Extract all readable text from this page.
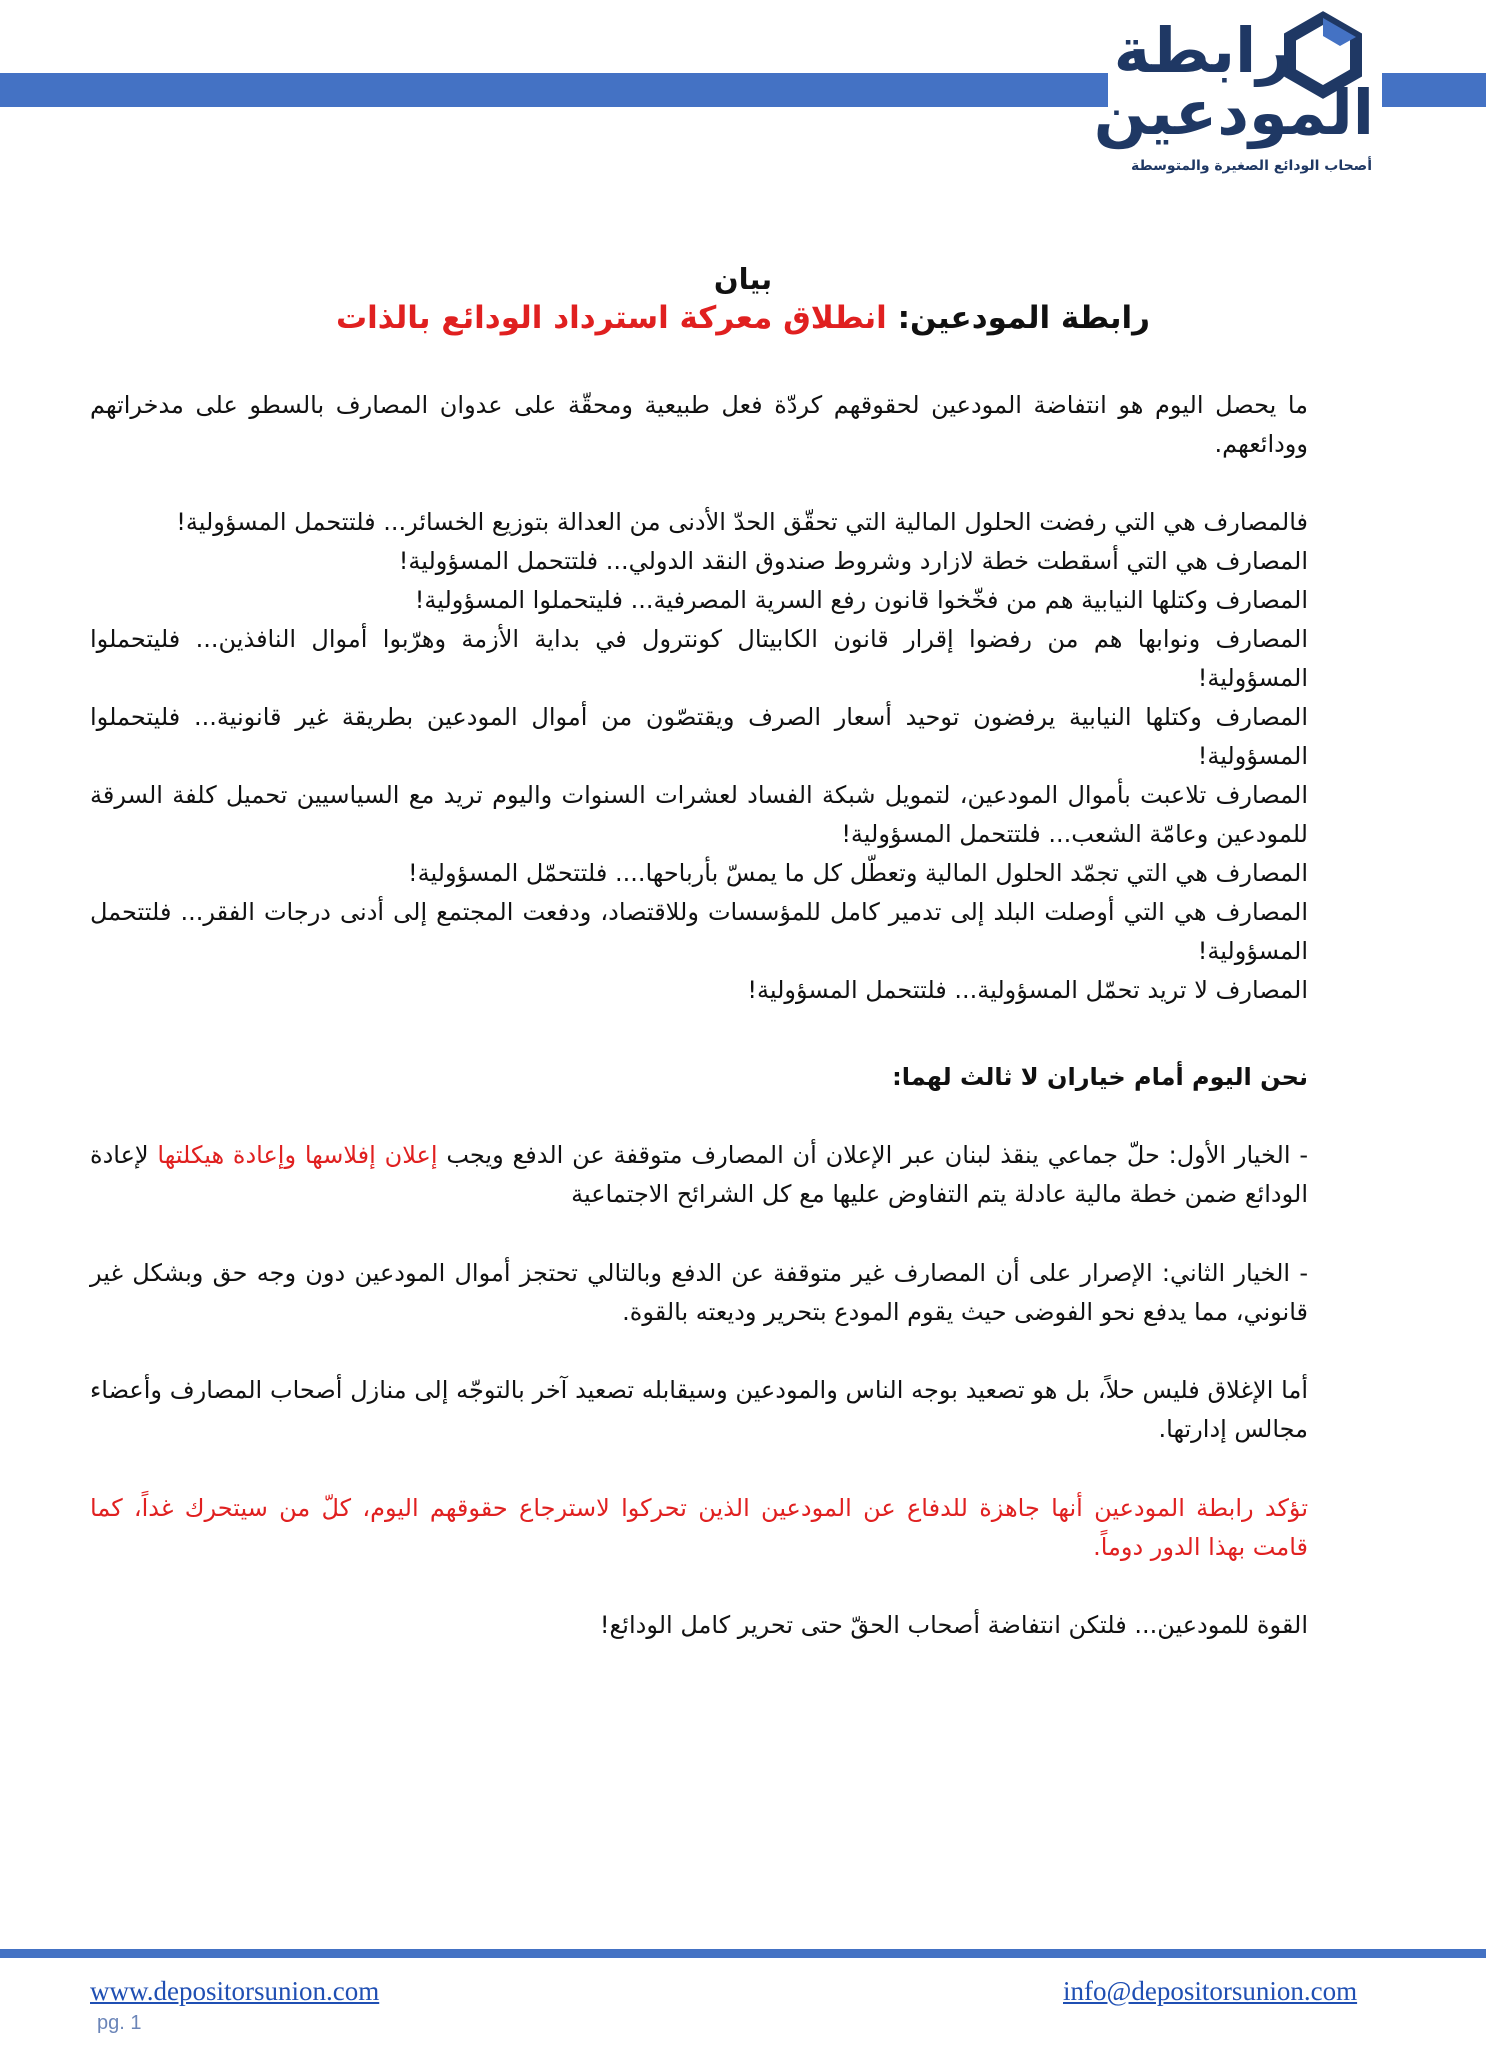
رابطة
المودعين
أصحاب الودائع الصغيرة والمتوسطة
بيان
رابطة المودعين: انطلاق معركة استرداد الودائع بالذات
ما يحصل اليوم هو انتفاضة المودعين لحقوقهم كردّة فعل طبيعية ومحقّة على عدوان المصارف بالسطو على مدخراتهم وودائعهم.

فالمصارف هي التي رفضت الحلول المالية التي تحقّق الحدّ الأدنى من العدالة بتوزيع الخسائر... فلتتحمل المسؤولية!

المصارف هي التي أسقطت خطة لازارد وشروط صندوق النقد الدولي... فلتتحمل المسؤولية!

المصارف وكتلها النيابية هم من فخّخوا قانون رفع السرية المصرفية... فليتحملوا المسؤولية!

المصارف ونوابها هم من رفضوا إقرار قانون الكابيتال كونترول في بداية الأزمة وهرّبوا أموال النافذين... فليتحملوا المسؤولية!

المصارف وكتلها النيابية يرفضون توحيد أسعار الصرف ويقتصّون من أموال المودعين بطريقة غير قانونية... فليتحملوا المسؤولية!

المصارف تلاعبت بأموال المودعين، لتمويل شبكة الفساد لعشرات السنوات واليوم تريد مع السياسيين تحميل كلفة السرقة للمودعين وعامّة الشعب... فلتتحمل المسؤولية!

المصارف هي التي تجمّد الحلول المالية وتعطّل كل ما يمسّ بأرباحها.... فلتتحمّل المسؤولية!

المصارف هي التي أوصلت البلد إلى تدمير كامل للمؤسسات وللاقتصاد، ودفعت المجتمع إلى أدنى درجات الفقر... فلتتحمل المسؤولية!

المصارف لا تريد تحمّل المسؤولية... فلتتحمل المسؤولية!

نحن اليوم أمام خياران لا ثالث لهما:
- الخيار الأول: حلّ جماعي ينقذ لبنان عبر الإعلان أن المصارف متوقفة عن الدفع ويجب إعلان إفلاسها وإعادة هيكلتها لإعادة الودائع ضمن خطة مالية عادلة يتم التفاوض عليها مع كل الشرائح الاجتماعية
- الخيار الثاني: الإصرار على أن المصارف غير متوقفة عن الدفع وبالتالي تحتجز أموال المودعين دون وجه حق وبشكل غير قانوني، مما يدفع نحو الفوضى حيث يقوم المودع بتحرير وديعته بالقوة.
أما الإغلاق فليس حلاً، بل هو تصعيد بوجه الناس والمودعين وسيقابله تصعيد آخر بالتوجّه إلى منازل أصحاب المصارف وأعضاء مجالس إدارتها.
تؤكد رابطة المودعين أنها جاهزة للدفاع عن المودعين الذين تحركوا لاسترجاع حقوقهم اليوم، كلّ من سيتحرك غداً، كما قامت بهذا الدور دوماً.
القوة للمودعين... فلتكن انتفاضة أصحاب الحقّ حتى تحرير كامل الودائع!
www.depositorsunion.com	info@depositorsunion.com
pg. 1
